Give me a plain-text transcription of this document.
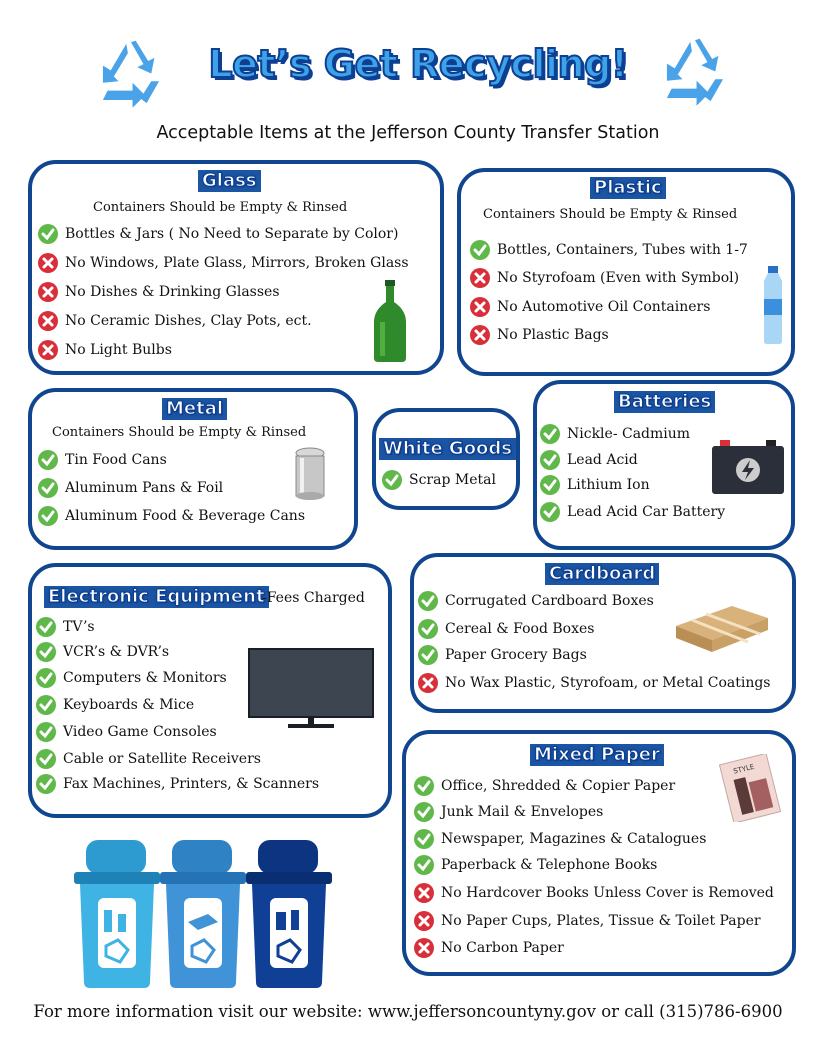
Let’s Get Recycling!
Acceptable Items at the Jefferson County Transfer Station
Glass
Containers Should be Empty & Rinsed
Bottles & Jars ( No Need to Separate by Color)
No Windows, Plate Glass, Mirrors, Broken Glass
No Dishes & Drinking Glasses
No Ceramic Dishes, Clay Pots, ect.
No Light Bulbs
Plastic
Containers Should be Empty & Rinsed
Bottles, Containers, Tubes with 1-7
No Styrofoam (Even with Symbol)
No Automotive Oil Containers
No Plastic Bags
Metal
Containers Should be Empty & Rinsed
Tin Food Cans
Aluminum Pans & Foil
Aluminum Food & Beverage Cans
White Goods
Scrap Metal
Batteries
Nickle- Cadmium
Lead Acid
Lithium Ion
Lead Acid Car Battery
Electronic Equipment
-Fees Charged
TV’s
VCR’s & DVR’s
Computers & Monitors
Keyboards & Mice
Video Game Consoles
Cable or Satellite Receivers
Fax Machines, Printers, & Scanners
Cardboard
Corrugated Cardboard Boxes
Cereal & Food Boxes
Paper Grocery Bags
No Wax Plastic, Styrofoam, or Metal Coatings
Mixed Paper
Office, Shredded & Copier Paper
Junk Mail & Envelopes
Newspaper, Magazines & Catalogues
Paperback & Telephone Books
No Hardcover Books Unless Cover is Removed
No Paper Cups, Plates, Tissue & Toilet Paper
No Carbon Paper
STYLE
For more information visit our website: www.jeffersoncountyny.gov or call (315)786-6900
